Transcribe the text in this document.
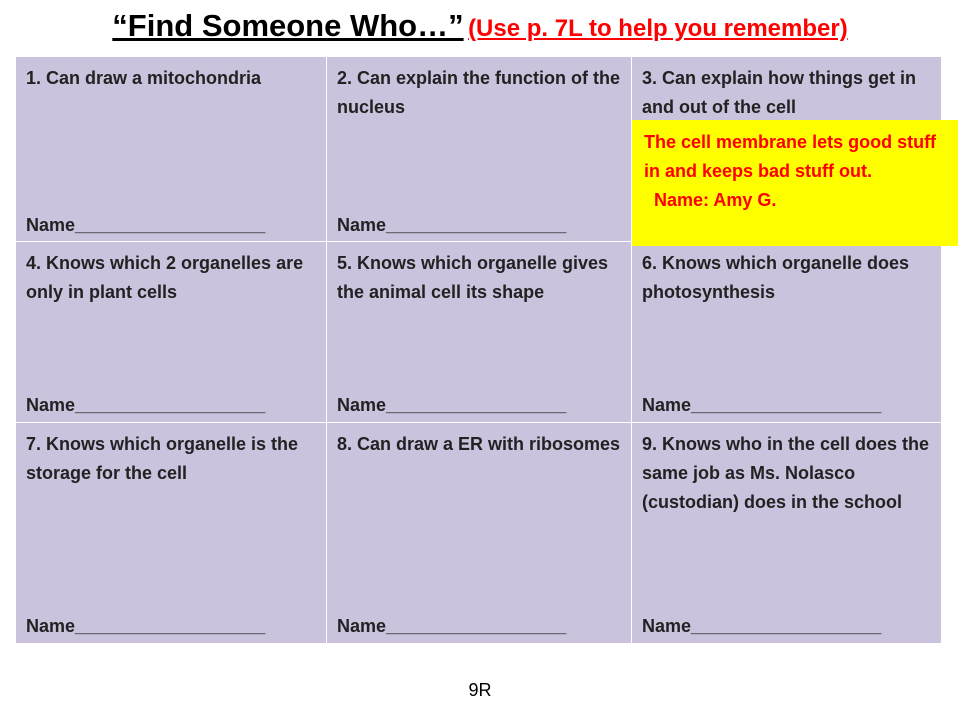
“Find Someone Who…” (Use p. 7L to help you remember)
1. Can draw a mitochondria
Name___________________
2. Can explain the function of the nucleus
Name__________________
3. Can explain how things get in and out of the cell
4. Knows which 2 organelles are only in plant cells
Name___________________
5. Knows which organelle gives the animal cell its shape
Name__________________
6. Knows which organelle does photosynthesis
Name___________________
7. Knows which organelle is the storage for the cell
Name___________________
8. Can draw a ER with ribosomes
Name__________________
9. Knows who in the cell does the same job as Ms. Nolasco (custodian) does in the school
Name___________________
The cell membrane lets good stuff in and keeps bad stuff out.
Name: Amy G.
9R
